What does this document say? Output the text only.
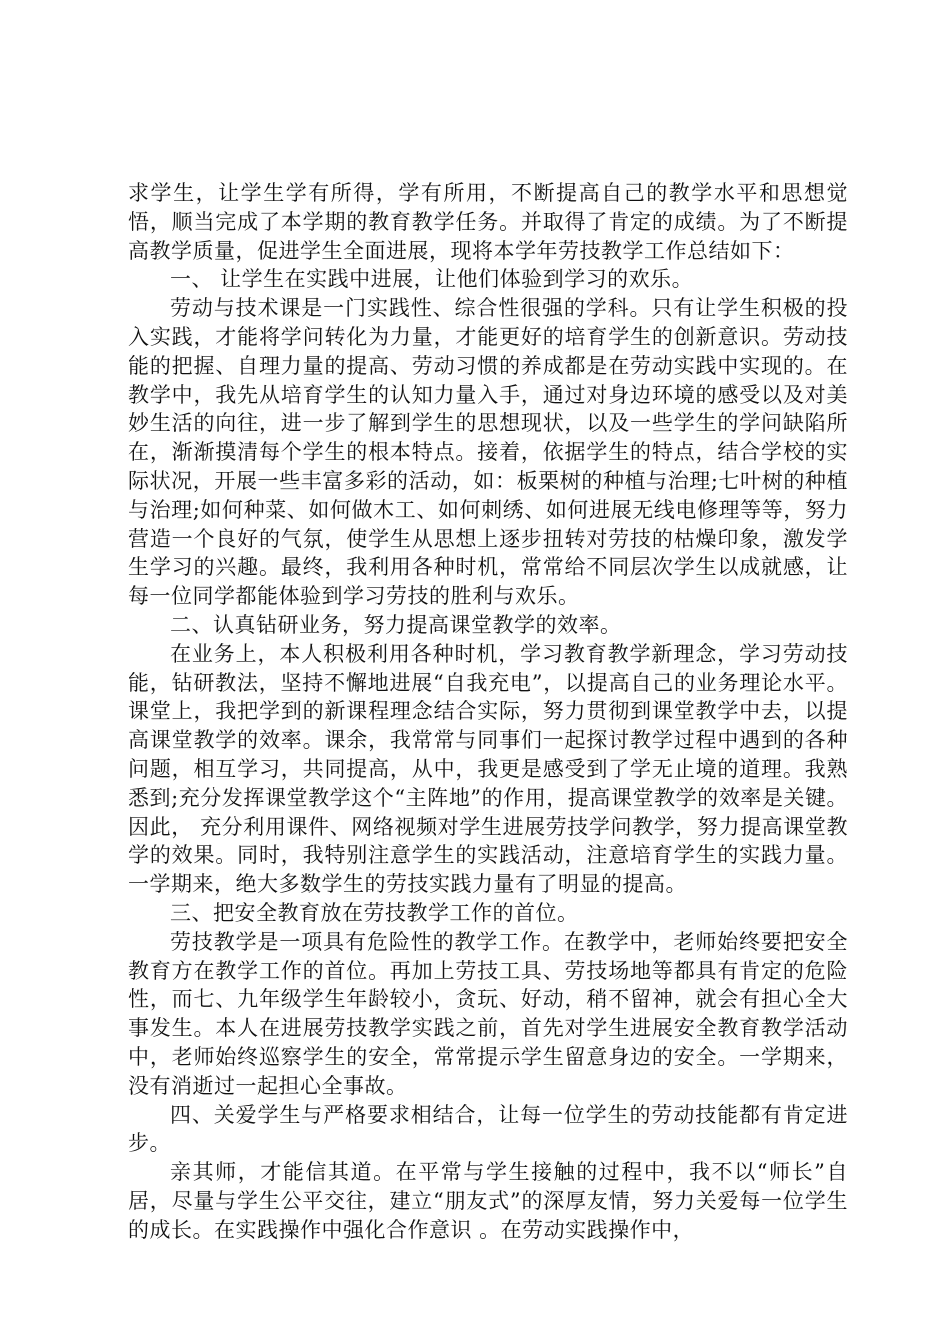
求学生，让学生学有所得，学有所用，不断提高自己的教学水平和思想觉悟，顺当完成了本学期的教育教学任务。并取得了肯定的成绩。为了不断提高教学质量，促进学生全面进展，现将本学年劳技教学工作总结如下：

一、 让学生在实践中进展，让他们体验到学习的欢乐。

劳动与技术课是一门实践性、综合性很强的学科。只有让学生积极的投入实践，才能将学问转化为力量，才能更好的培育学生的创新意识。劳动技能的把握、自理力量的提高、劳动习惯的养成都是在劳动实践中实现的。在教学中，我先从培育学生的认知力量入手，通过对身边环境的感受以及对美妙生活的向往，进一步了解到学生的思想现状，以及一些学生的学问缺陷所在，渐渐摸清每个学生的根本特点。接着，依据学生的特点，结合学校的实际状况，开展一些丰富多彩的活动，如：板栗树的种植与治理;七叶树的种植与治理;如何种菜、如何做木工、如何刺绣、如何进展无线电修理等等，努力营造一个良好的气氛，使学生从思想上逐步扭转对劳技的枯燥印象，激发学生学习的兴趣。最终，我利用各种时机，常常给不同层次学生以成就感，让每一位同学都能体验到学习劳技的胜利与欢乐。

二、认真钻研业务，努力提高课堂教学的效率。

在业务上，本人积极利用各种时机，学习教育教学新理念，学习劳动技能，钻研教法，坚持不懈地进展“自我充电”，以提高自己的业务理论水平。课堂上，我把学到的新课程理念结合实际，努力贯彻到课堂教学中去，以提高课堂教学的效率。课余，我常常与同事们一起探讨教学过程中遇到的各种问题，相互学习，共同提高，从中，我更是感受到了学无止境的道理。我熟悉到;充分发挥课堂教学这个“主阵地”的作用，提高课堂教学的效率是关键。因此， 充分利用课件、网络视频对学生进展劳技学问教学，努力提高课堂教学的效果。同时，我特别注意学生的实践活动，注意培育学生的实践力量。一学期来，绝大多数学生的劳技实践力量有了明显的提高。

三、把安全教育放在劳技教学工作的首位。

劳技教学是一项具有危险性的教学工作。在教学中，老师始终要把安全教育方在教学工作的首位。再加上劳技工具、劳技场地等都具有肯定的危险性，而七、九年级学生年龄较小，贪玩、好动，稍不留神，就会有担心全大事发生。本人在进展劳技教学实践之前，首先对学生进展安全教育教学活动中，老师始终巡察学生的安全，常常提示学生留意身边的安全。一学期来，没有消逝过一起担心全事故。

四、关爱学生与严格要求相结合，让每一位学生的劳动技能都有肯定进步。

亲其师，才能信其道。在平常与学生接触的过程中，我不以“师长”自居，尽量与学生公平交往，建立“朋友式”的深厚友情，努力关爱每一位学生的成长。在实践操作中强化合作意识 。在劳动实践操作中，
